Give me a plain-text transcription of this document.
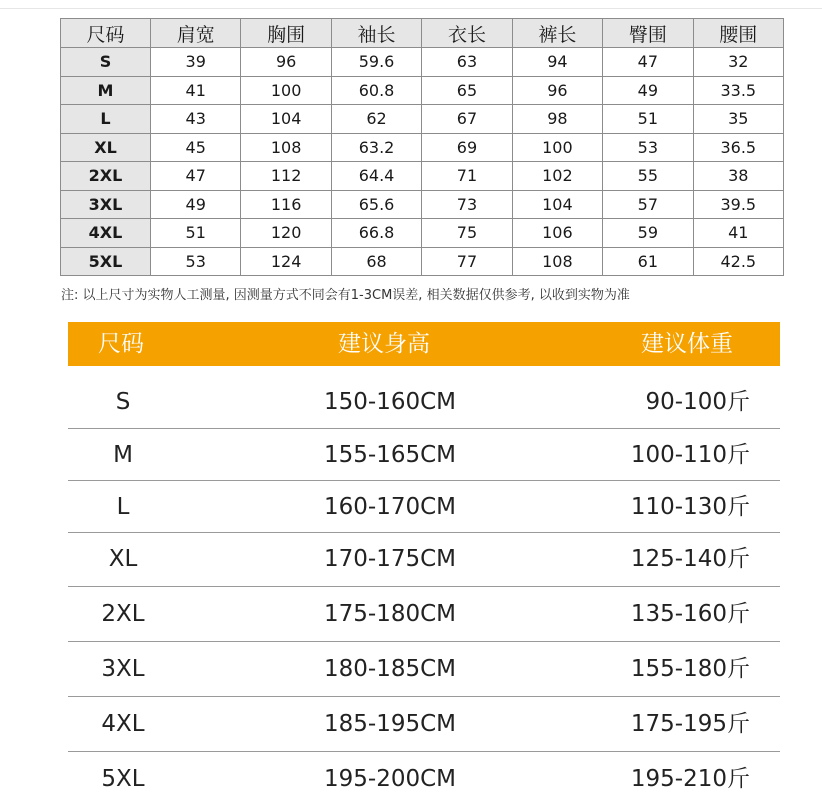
尺码	肩宽	胸围	袖长	衣长	裤长	臀围	腰围
S	39	96	59.6	63	94	47	32
M	41	100	60.8	65	96	49	33.5
L	43	104	62	67	98	51	35
XL	45	108	63.2	69	100	53	36.5
2XL	47	112	64.4	71	102	55	38
3XL	49	116	65.6	73	104	57	39.5
4XL	51	120	66.8	75	106	59	41
5XL	53	124	68	77	108	61	42.5
注: 以上尺寸为实物人工测量, 因测量方式不同会有1-3CM误差, 相关数据仅供参考, 以收到实物为准
尺码	建议身高	建议体重
S	150-160CM	90-100斤
M	155-165CM	100-110斤
L	160-170CM	110-130斤
XL	170-175CM	125-140斤
2XL	175-180CM	135-160斤
3XL	180-185CM	155-180斤
4XL	185-195CM	175-195斤
5XL	195-200CM	195-210斤
